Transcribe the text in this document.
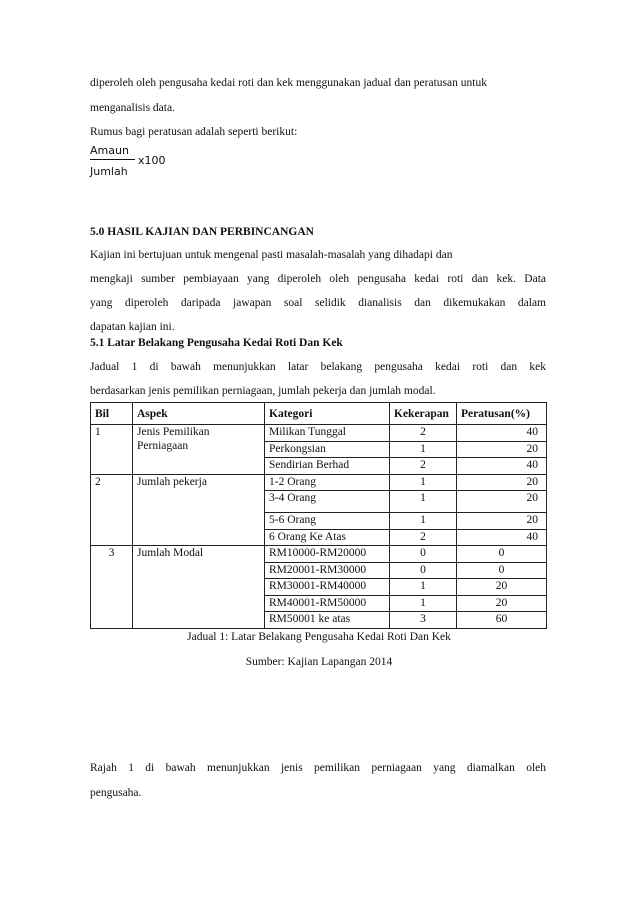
diperoleh oleh pengusaha kedai roti dan kek menggunakan jadual dan peratusan untuk
menganalisis data.
Rumus bagi peratusan adalah seperti berikut:
Amaun
Jumlah
x100
5.0 HASIL KAJIAN DAN PERBINCANGAN
Kajian ini bertujuan untuk mengenal pasti masalah-masalah yang dihadapi dan
mengkaji sumber pembiayaan yang diperoleh oleh pengusaha kedai roti dan kek. Data
yang diperoleh daripada jawapan soal selidik dianalisis dan dikemukakan dalam
dapatan kajian ini.
5.1 Latar Belakang Pengusaha Kedai Roti Dan Kek
Jadual 1 di bawah menunjukkan latar belakang pengusaha kedai roti dan kek
berdasarkan jenis pemilikan perniagaan, jumlah pekerja dan jumlah modal.
Bil	Aspek	Kategori	Kekerapan	Peratusan(%)
1	Jenis Pemilikan Perniagaan	Milikan Tunggal	2	40
		Perkongsian	1	20
		Sendirian Berhad	2	40
2	Jumlah pekerja	1-2 Orang	1	20
		3-4 Orang	1	20
		5-6 Orang	1	20
		6 Orang Ke Atas	2	40
3	Jumlah Modal	RM10000-RM20000	0	0
		RM20001-RM30000	0	0
		RM30001-RM40000	1	20
		RM40001-RM50000	1	20
		RM50001 ke atas	3	60
Jadual 1: Latar Belakang Pengusaha Kedai Roti Dan Kek
Sumber: Kajian Lapangan 2014
Rajah 1 di bawah menunjukkan jenis pemilikan perniagaan yang diamalkan oleh
pengusaha.
